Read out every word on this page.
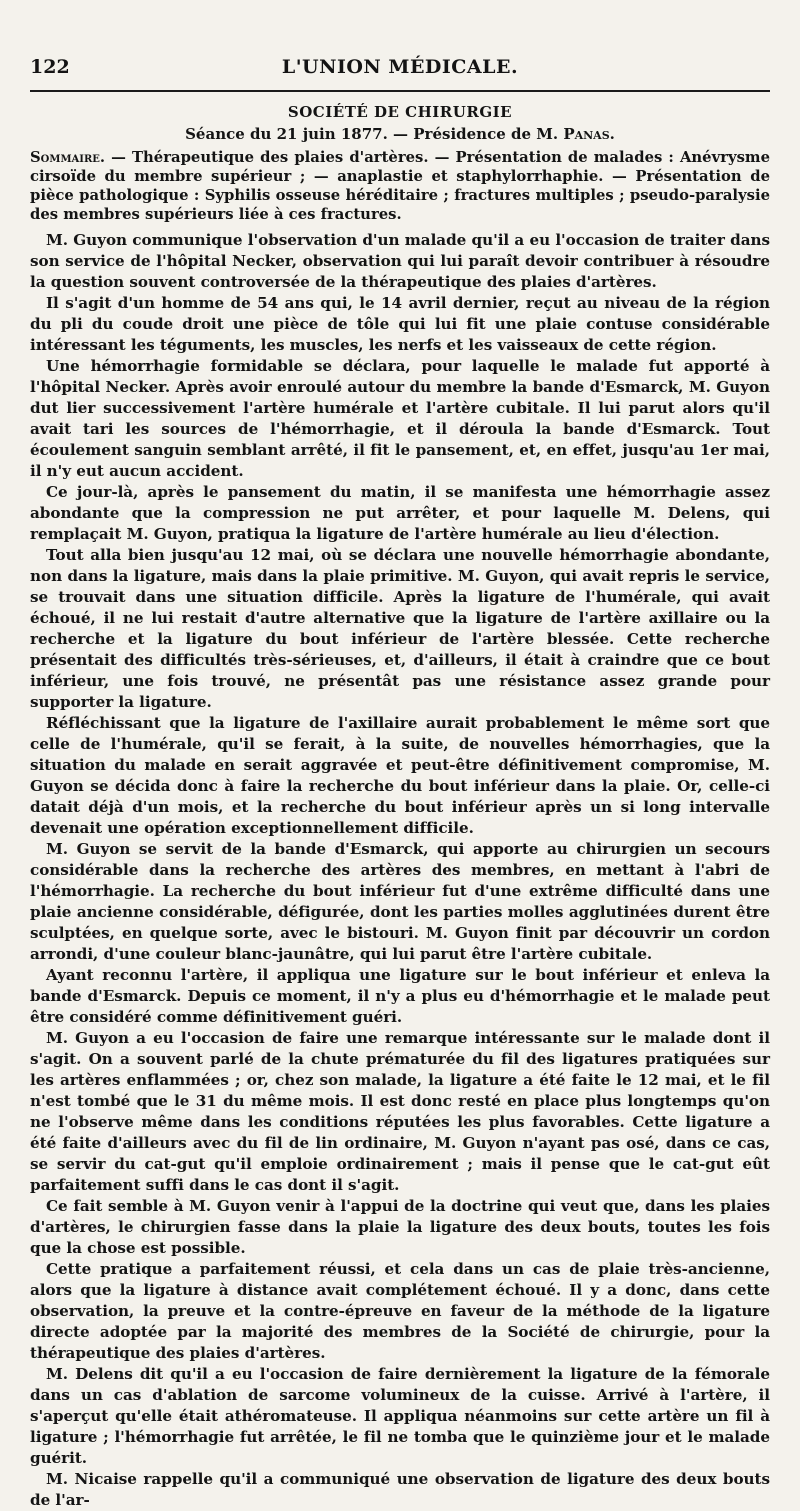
122	L'UNION MÉDICALE.
SOCIÉTÉ DE CHIRURGIE
Séance du 21 juin 1877. — Présidence de M. Panas.
Sommaire. — Thérapeutique des plaies d'artères. — Présentation de malades : Anévrysme cirsoïde du membre supérieur ; — anaplastie et staphylorrhaphie. — Présentation de pièce pathologique : Syphilis osseuse héréditaire ; fractures multiples ; pseudo-paralysie des membres supérieurs liée à ces fractures.

M. Guyon communique l'observation d'un malade qu'il a eu l'occasion de traiter dans son service de l'hôpital Necker, observation qui lui paraît devoir contribuer à résoudre la question souvent controversée de la thérapeutique des plaies d'artères.

Il s'agit d'un homme de 54 ans qui, le 14 avril dernier, reçut au niveau de la région du pli du coude droit une pièce de tôle qui lui fit une plaie contuse considérable intéressant les téguments, les muscles, les nerfs et les vaisseaux de cette région.

Une hémorrhagie formidable se déclara, pour laquelle le malade fut apporté à l'hôpital Necker. Après avoir enroulé autour du membre la bande d'Esmarck, M. Guyon dut lier successivement l'artère humérale et l'artère cubitale. Il lui parut alors qu'il avait tari les sources de l'hémorrhagie, et il déroula la bande d'Esmarck. Tout écoulement sanguin semblant arrêté, il fit le pansement, et, en effet, jusqu'au 1er mai, il n'y eut aucun accident.

Ce jour-là, après le pansement du matin, il se manifesta une hémorrhagie assez abondante que la compression ne put arrêter, et pour laquelle M. Delens, qui remplaçait M. Guyon, pratiqua la ligature de l'artère humérale au lieu d'élection.

Tout alla bien jusqu'au 12 mai, où se déclara une nouvelle hémorrhagie abondante, non dans la ligature, mais dans la plaie primitive. M. Guyon, qui avait repris le service, se trouvait dans une situation difficile. Après la ligature de l'humérale, qui avait échoué, il ne lui restait d'autre alternative que la ligature de l'artère axillaire ou la recherche et la ligature du bout inférieur de l'artère blessée. Cette recherche présentait des difficultés très-sérieuses, et, d'ailleurs, il était à craindre que ce bout inférieur, une fois trouvé, ne présentât pas une résistance assez grande pour supporter la ligature.

Réfléchissant que la ligature de l'axillaire aurait probablement le même sort que celle de l'humérale, qu'il se ferait, à la suite, de nouvelles hémorrhagies, que la situation du malade en serait aggravée et peut-être définitivement compromise, M. Guyon se décida donc à faire la recherche du bout inférieur dans la plaie. Or, celle-ci datait déjà d'un mois, et la recherche du bout inférieur après un si long intervalle devenait une opération exceptionnellement difficile.

M. Guyon se servit de la bande d'Esmarck, qui apporte au chirurgien un secours considérable dans la recherche des artères des membres, en mettant à l'abri de l'hémorrhagie. La recherche du bout inférieur fut d'une extrême difficulté dans une plaie ancienne considérable, défigurée, dont les parties molles agglutinées durent être sculptées, en quelque sorte, avec le bistouri. M. Guyon finit par découvrir un cordon arrondi, d'une couleur blanc-jaunâtre, qui lui parut être l'artère cubitale.

Ayant reconnu l'artère, il appliqua une ligature sur le bout inférieur et enleva la bande d'Esmarck. Depuis ce moment, il n'y a plus eu d'hémorrhagie et le malade peut être considéré comme définitivement guéri.

M. Guyon a eu l'occasion de faire une remarque intéressante sur le malade dont il s'agit. On a souvent parlé de la chute prématurée du fil des ligatures pratiquées sur les artères enflammées ; or, chez son malade, la ligature a été faite le 12 mai, et le fil n'est tombé que le 31 du même mois. Il est donc resté en place plus longtemps qu'on ne l'observe même dans les conditions réputées les plus favorables. Cette ligature a été faite d'ailleurs avec du fil de lin ordinaire, M. Guyon n'ayant pas osé, dans ce cas, se servir du cat-gut qu'il emploie ordinairement ; mais il pense que le cat-gut eût parfaitement suffi dans le cas dont il s'agit.

Ce fait semble à M. Guyon venir à l'appui de la doctrine qui veut que, dans les plaies d'artères, le chirurgien fasse dans la plaie la ligature des deux bouts, toutes les fois que la chose est possible.

Cette pratique a parfaitement réussi, et cela dans un cas de plaie très-ancienne, alors que la ligature à distance avait complétement échoué. Il y a donc, dans cette observation, la preuve et la contre-épreuve en faveur de la méthode de la ligature directe adoptée par la majorité des membres de la Société de chirurgie, pour la thérapeutique des plaies d'artères.

M. Delens dit qu'il a eu l'occasion de faire dernièrement la ligature de la fémorale dans un cas d'ablation de sarcome volumineux de la cuisse. Arrivé à l'artère, il s'aperçut qu'elle était athéromateuse. Il appliqua néanmoins sur cette artère un fil à ligature ; l'hémorrhagie fut arrêtée, le fil ne tomba que le quinzième jour et le malade guérit.

M. Nicaise rappelle qu'il a communiqué une observation de ligature des deux bouts de l'ar-
